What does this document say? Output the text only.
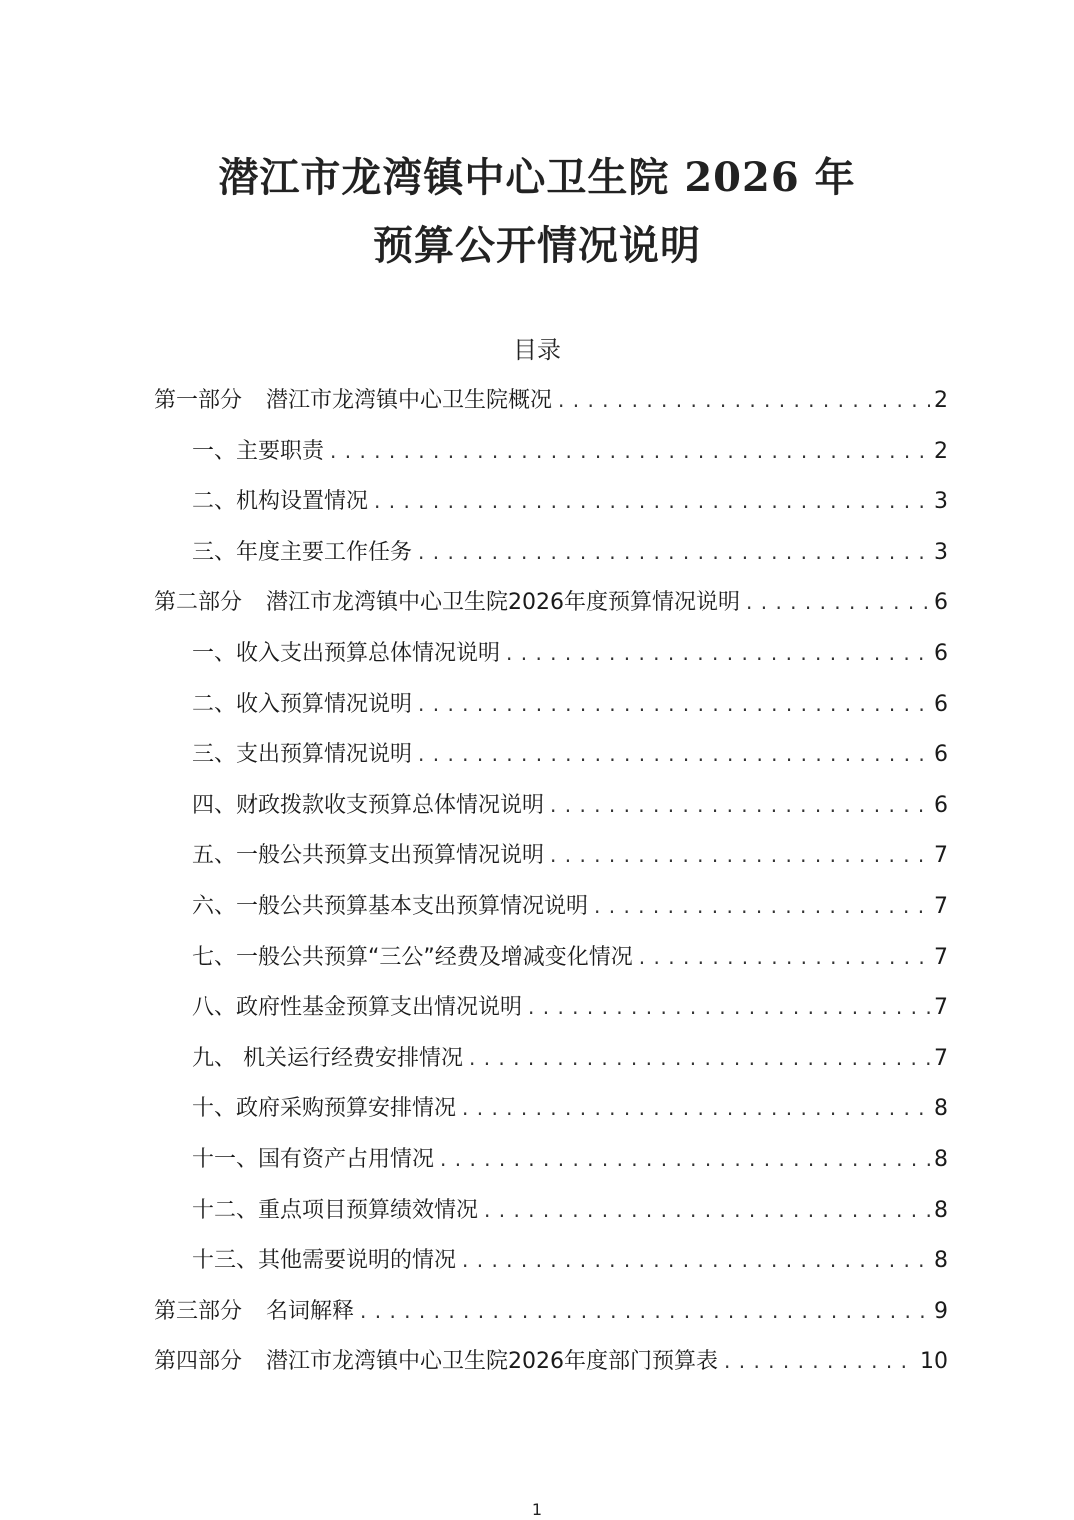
潜江市龙湾镇中心卫生院 2026 年
预算公开情况说明
目录
第一部分 潜江市龙湾镇中心卫生院概况 . . .	2
一、主要职责 . . .	2
二、机构设置情况 . . .	3
三、年度主要工作任务 . . .	3
第二部分 潜江市龙湾镇中心卫生院2026年度预算情况说明 . . .	6
一、收入支出预算总体情况说明 . . .	6
二、收入预算情况说明 . . .	6
三、支出预算情况说明 . . .	6
四、财政拨款收支预算总体情况说明 . . .	6
五、一般公共预算支出预算情况说明 . . .	7
六、一般公共预算基本支出预算情况说明 . . .	7
七、一般公共预算“三公”经费及增减变化情况 . . .	7
八、政府性基金预算支出情况说明 . . .	7
九、 机关运行经费安排情况 . . .	7
十、政府采购预算安排情况 . . .	8
十一、国有资产占用情况 . . .	8
十二、重点项目预算绩效情况 . . .	8
十三、其他需要说明的情况 . . .	8
第三部分 名词解释 . . .	9
第四部分 潜江市龙湾镇中心卫生院2026年度部门预算表 . . .	10
1
